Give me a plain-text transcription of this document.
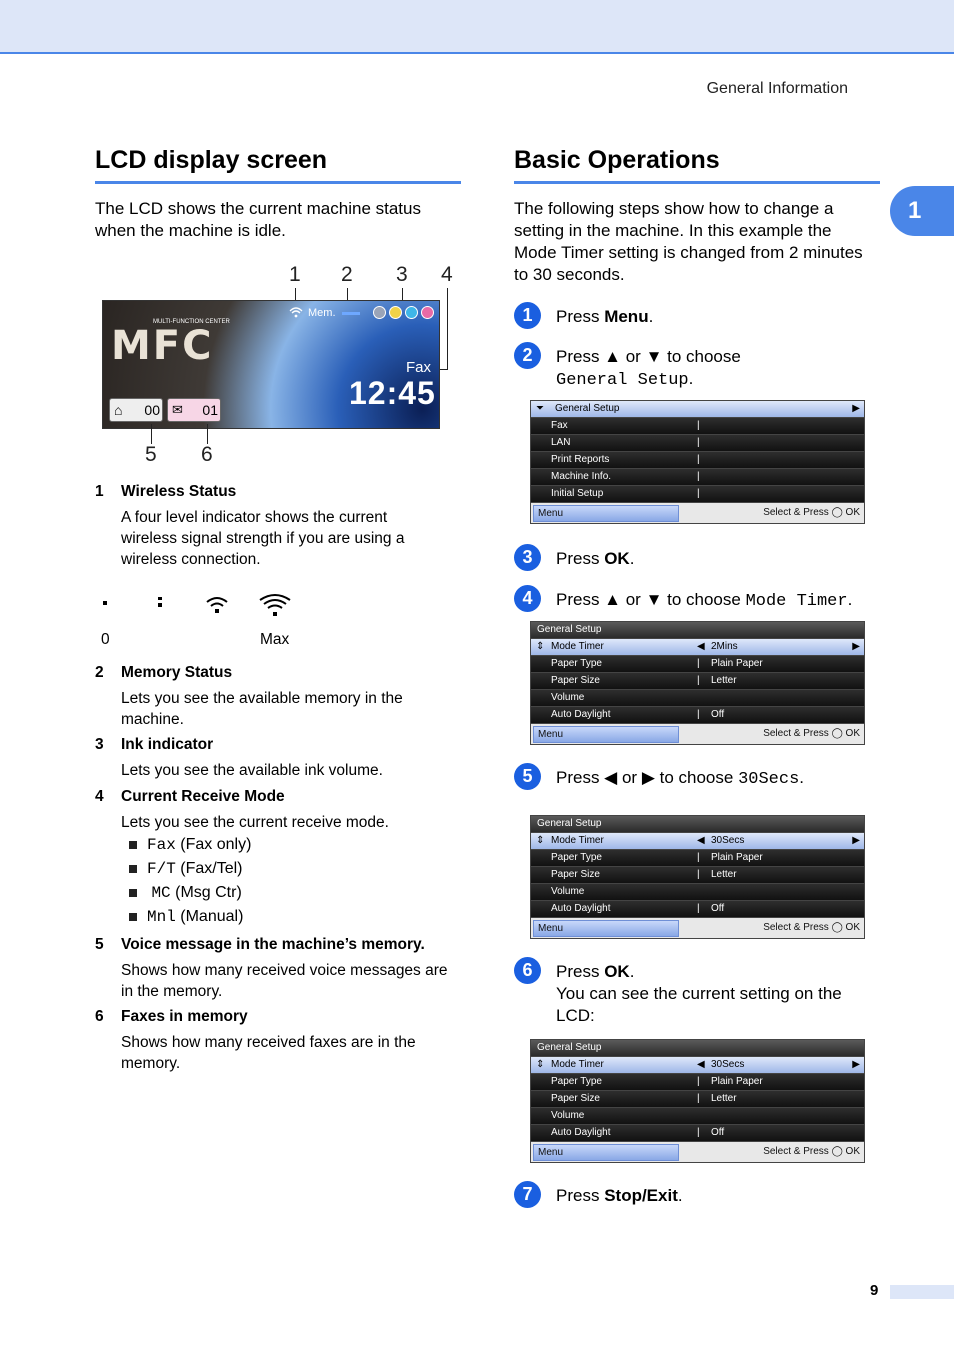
General Information
1
LCD display screen

The LCD shows the current machine status when the machine is idle.

1 2 3 4
MULTI-FUNCTION CENTER
MFC
Mem.
Fax
12:45
⌂ 00 ✉ 01
5 6
1 Wireless Status
A four level indicator shows the current wireless signal strength if you are using a wireless connection.
0	Max
2 Memory Status
Lets you see the available memory in the machine.
3 Ink indicator
Lets you see the available ink volume.
4 Current Receive Mode
Lets you see the current receive mode.
Fax (Fax only)
F/T (Fax/Tel)
MC (Msg Ctr)
Mnl (Manual)
5 Voice message in the machine’s memory.
Shows how many received voice messages are in the memory.
6 Faxes in memory
Shows how many received faxes are in the memory.
Basic Operations

The following steps show how to change a setting in the machine. In this example the Mode Timer setting is changed from 2 minutes to 30 seconds.

1	Press Menu.
2	Press ▲ or ▼ to choose
General Setup.
⏷ General Setup	▶
Fax	|
LAN	|
Print Reports	|
Machine Info.	|
Initial Setup	|
Menu	Select & Press ◯ OK
3	Press OK.
4	Press ▲ or ▼ to choose Mode Timer.
General Setup
⇕ Mode Timer	◀ 2Mins	▶
Paper Type	| Plain Paper
Paper Size	| Letter
Volume
Auto Daylight	| Off
Menu	Select & Press ◯ OK
5	Press ◀ or ▶ to choose 30Secs.
General Setup
⇕ Mode Timer	◀ 30Secs	▶
Paper Type	| Plain Paper
Paper Size	| Letter
Volume
Auto Daylight	| Off
Menu	Select & Press ◯ OK
6	Press OK.
You can see the current setting on the LCD:
General Setup
⇕ Mode Timer	◀ 30Secs	▶
Paper Type	| Plain Paper
Paper Size	| Letter
Volume
Auto Daylight	| Off
Menu	Select & Press ◯ OK
7	Press Stop/Exit.
9
